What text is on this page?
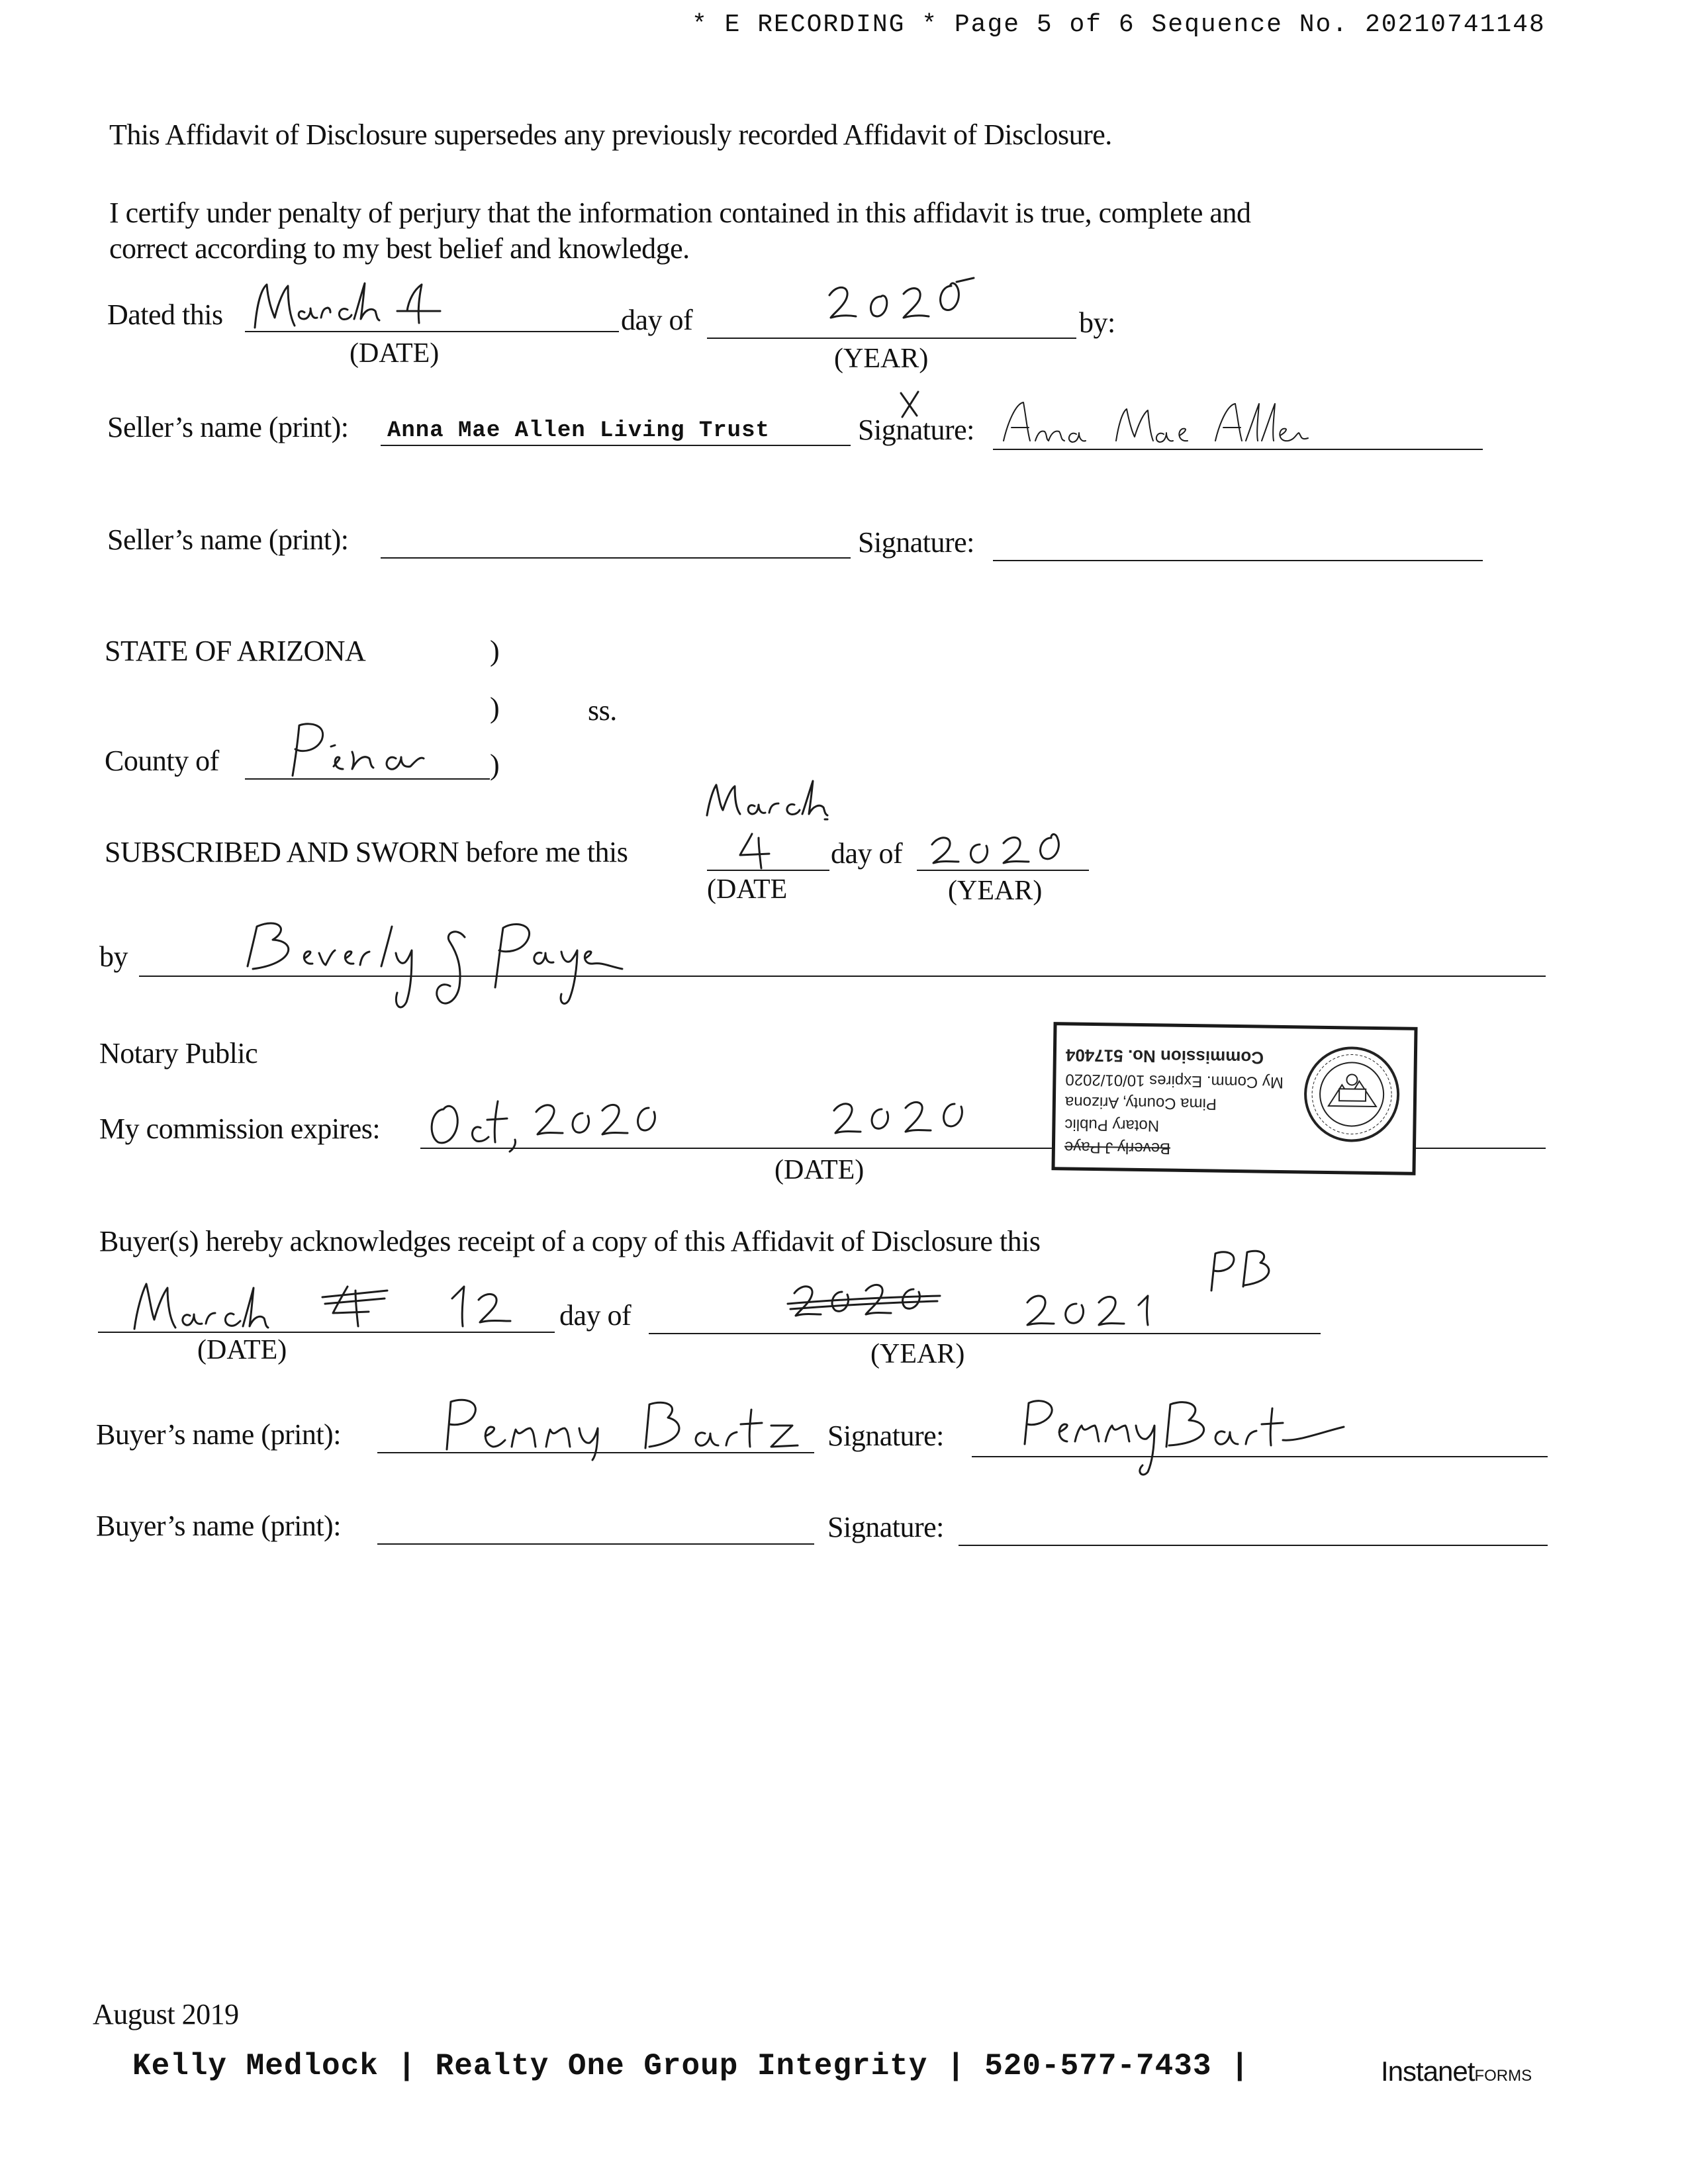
* E RECORDING * Page 5 of 6 Sequence No. 20210741148
This Affidavit of Disclosure supersedes any previously recorded Affidavit of Disclosure.
I certify under penalty of perjury that the information contained in this affidavit is true, complete and
correct according to my best belief and knowledge.
Dated this	day of	by:
(DATE)	(YEAR)
Seller’s name (print): Anna Mae Allen Living Trust	Signature:
Seller’s name (print):	Signature:
STATE OF ARIZONA	)
)	ss.
County of	)
SUBSCRIBED AND SWORN before me this	day of
(DATE	(YEAR)
by
Notary Public
My commission expires:
(DATE)
Beverly J Paye
Notary Public
Pima County, Arizona
My Comm. Expires 10/01/2020
Commission No. 517404
Buyer(s) hereby acknowledges receipt of a copy of this Affidavit of Disclosure this
day of
(DATE)	(YEAR)
Buyer’s name (print):	Signature:
Buyer’s name (print):	Signature:
August 2019
Kelly Medlock | Realty One Group Integrity | 520-577-7433 |	InstanetFORMS
